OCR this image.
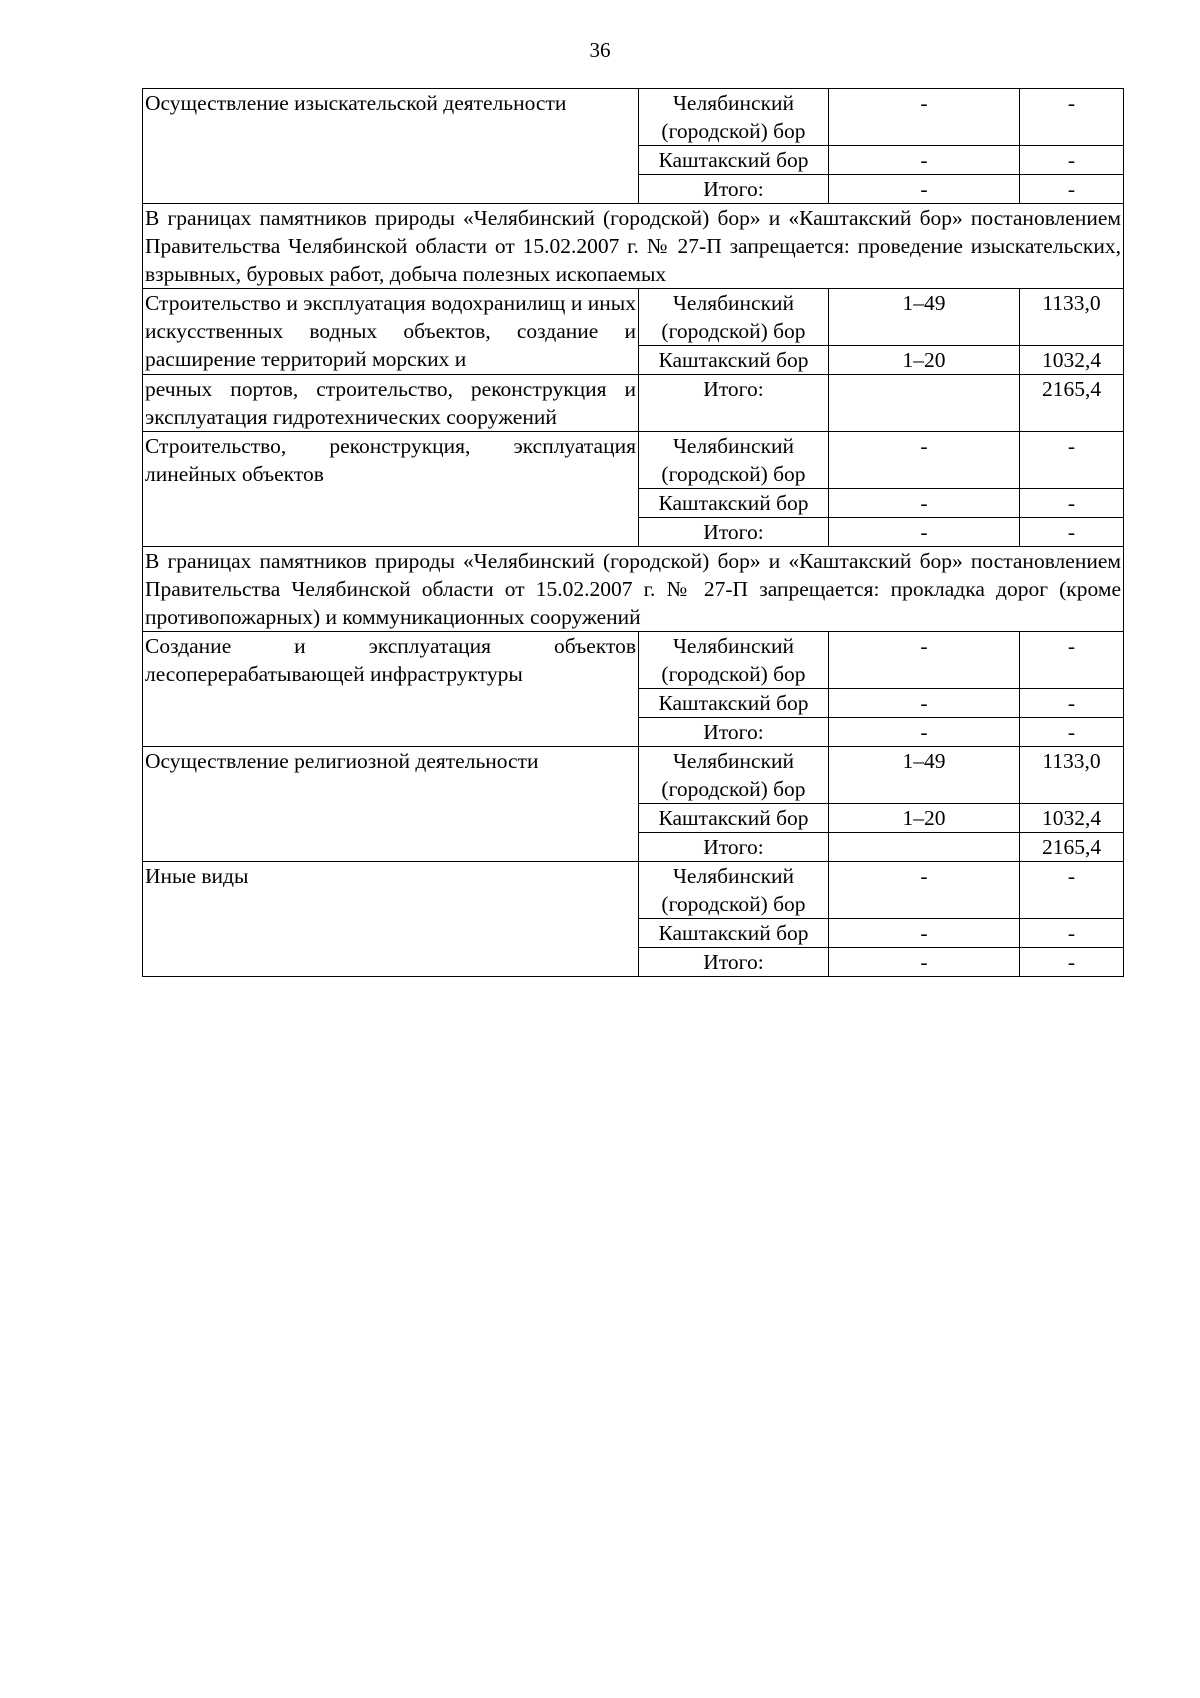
36
Осуществление изыскательской деятельности	Челябинский (городской) бор	-	-
	Каштакский бор	-	-
	Итого:	-	-
В границах памятников природы «Челябинский (городской) бор» и «Каштакский бор» постановлением Правительства Челябинской области от 15.02.2007 г. № 27-П запрещается: проведение изыскательских, взрывных, буровых работ, добыча полезных ископаемых			
Строительство и эксплуатация водохранилищ и иных искусственных водных объектов, создание и расширение территорий морских и	Челябинский (городской) бор	1–49	1133,0
	Каштакский бор	1–20	1032,4
речных портов, строительство, реконструкция и эксплуатация гидротехнических сооружений	Итого:		2165,4
Строительство, реконструкция, эксплуатация линейных объектов	Челябинский (городской) бор	-	-
	Каштакский бор	-	-
	Итого:	-	-
В границах памятников природы «Челябинский (городской) бор» и «Каштакский бор» постановлением Правительства Челябинской области от 15.02.2007 г. № 27-П запрещается: прокладка дорог (кроме противопожарных) и коммуникационных сооружений			
Создание и эксплуатация объектов лесоперерабатывающей инфраструктуры	Челябинский (городской) бор	-	-
	Каштакский бор	-	-
	Итого:	-	-
Осуществление религиозной деятельности	Челябинский (городской) бор	1–49	1133,0
	Каштакский бор	1–20	1032,4
	Итого:		2165,4
Иные виды	Челябинский (городской) бор	-	-
	Каштакский бор	-	-
	Итого:	-	-
